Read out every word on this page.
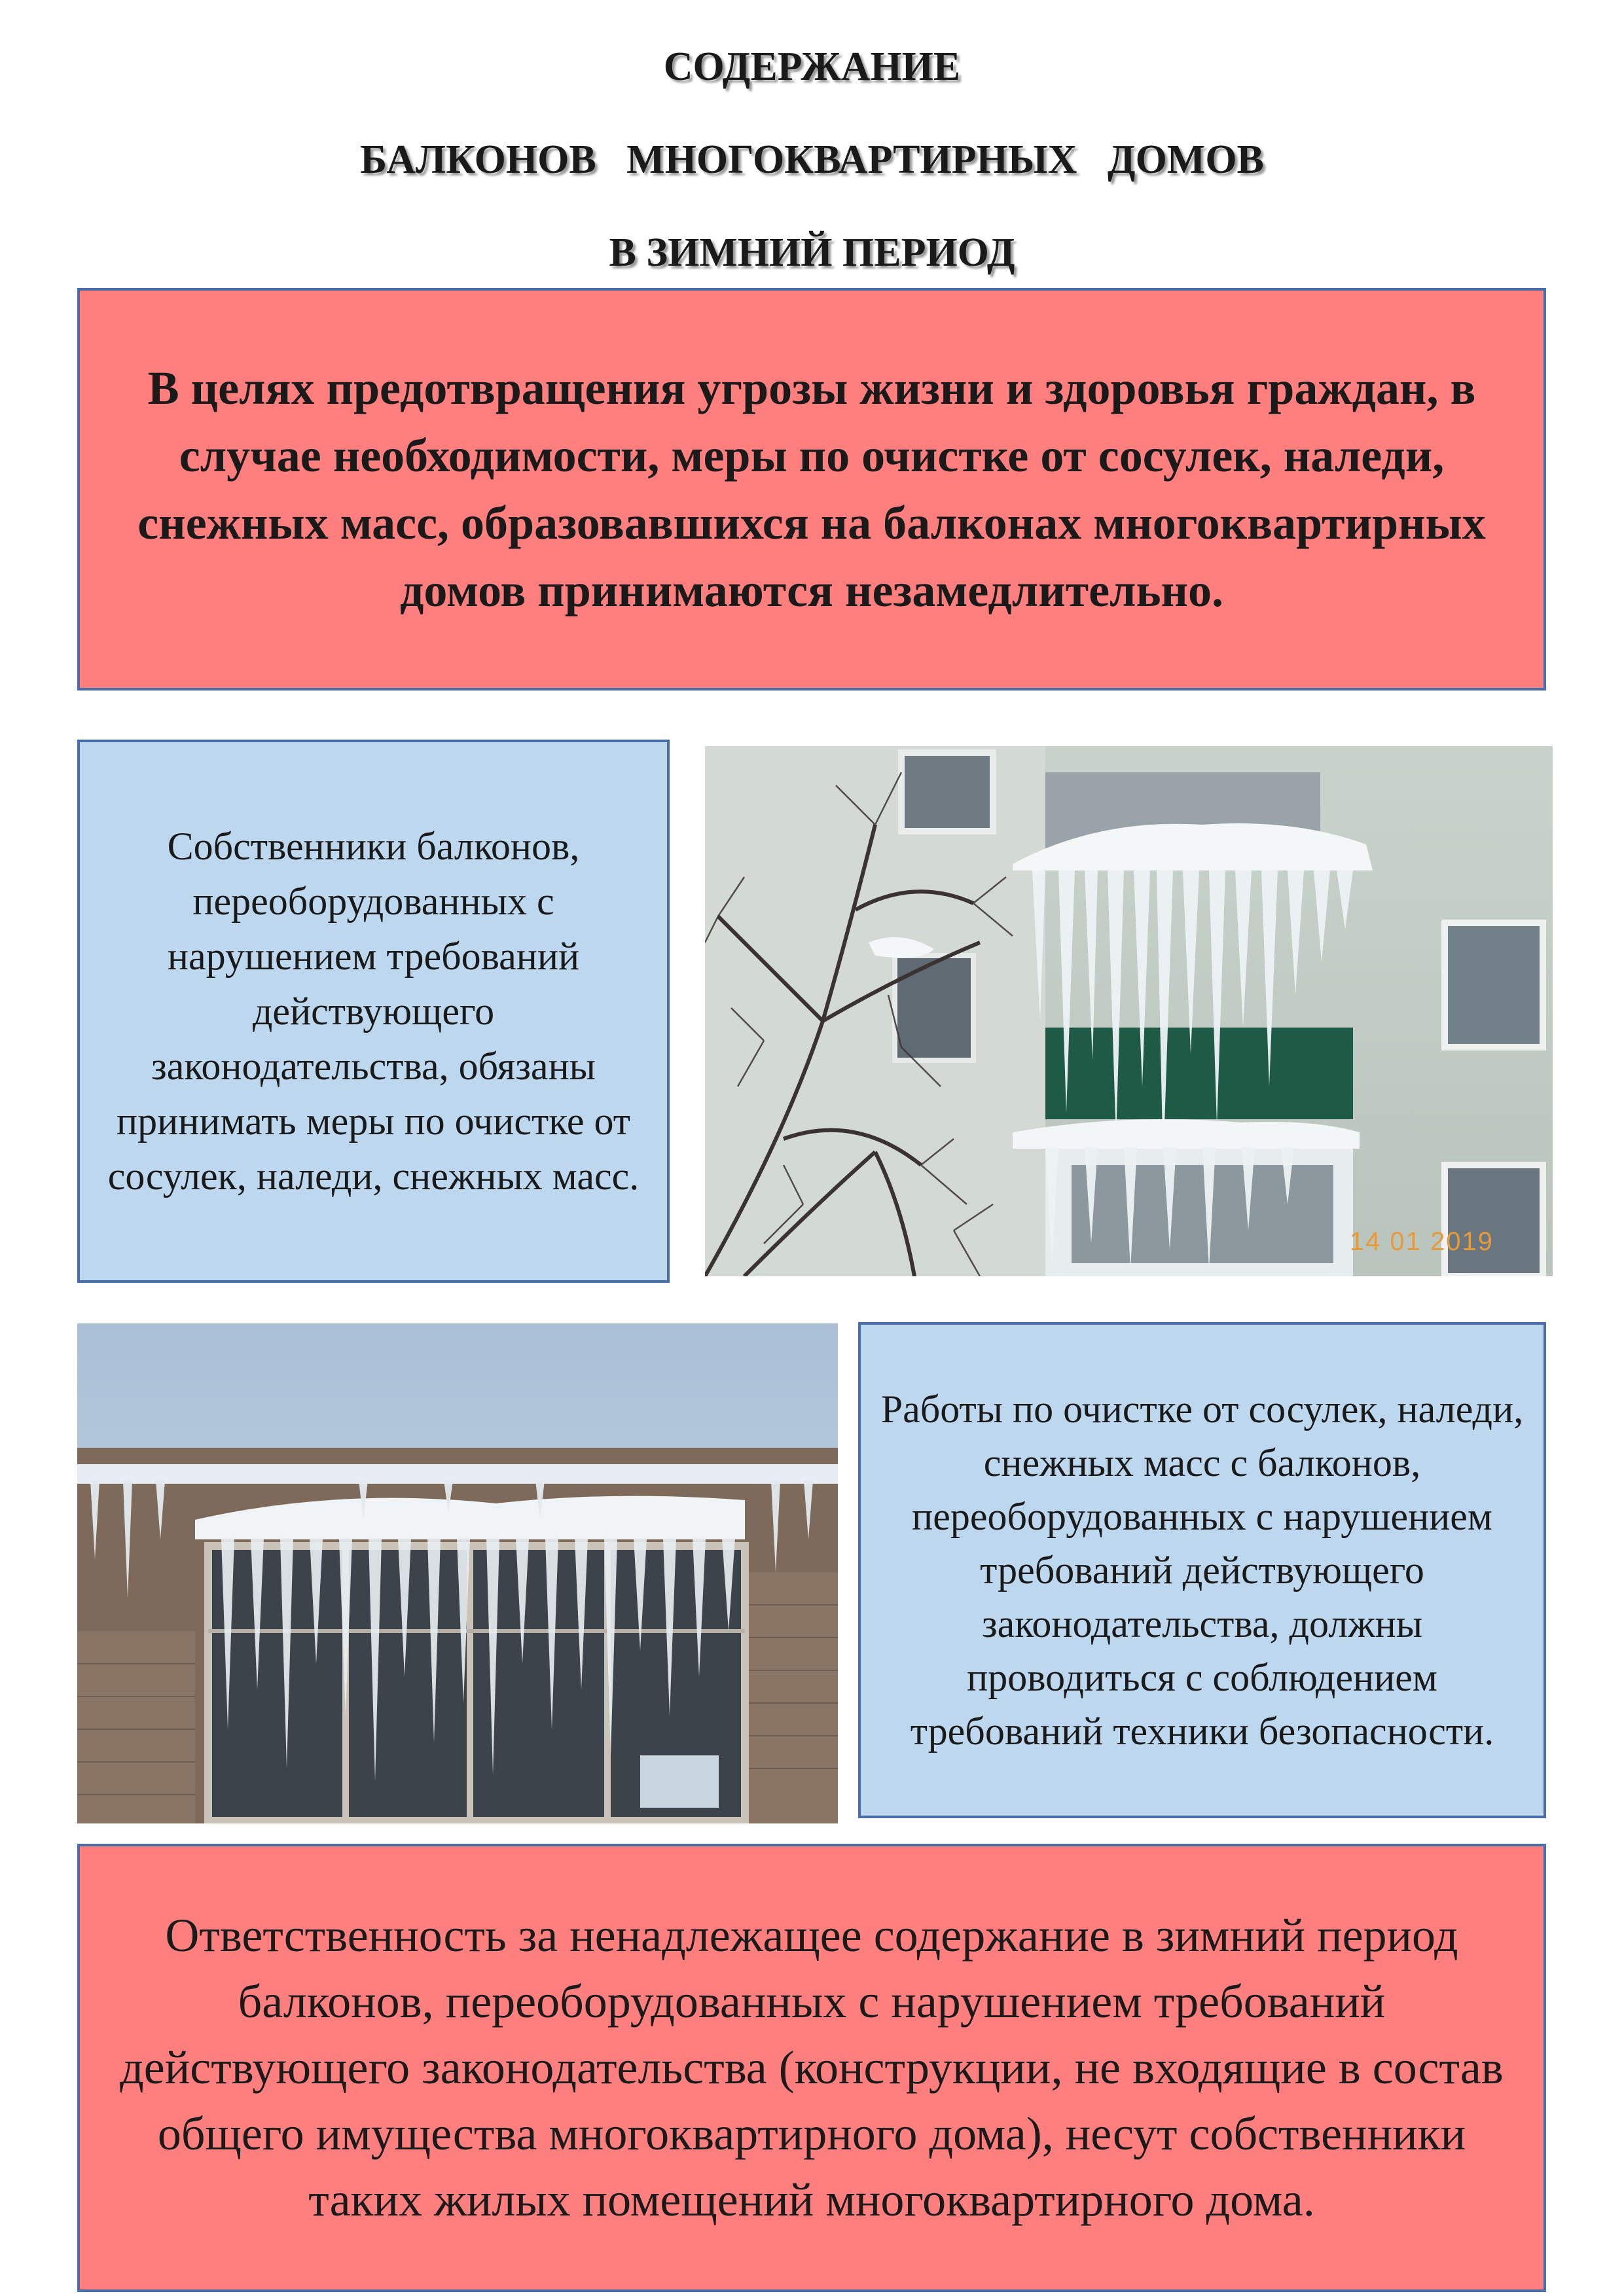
СОДЕРЖАНИЕ
БАЛКОНОВ   МНОГОКВАРТИРНЫХ   ДОМОВ
В ЗИМНИЙ ПЕРИОД

В целях предотвращения угрозы жизни и здоровья граждан, в случае необходимости, меры по очистке от сосулек, наледи, снежных масс, образовавшихся на балконах многоквартирных домов принимаются незамедлительно.

Собственники балконов, переоборудованных с нарушением требований действующего законодательства, обязаны принимать меры по очистке от сосулек, наледи, снежных масс.

14 01 2019

Работы по очистке от сосулек, наледи, снежных масс с балконов, переоборудованных с нарушением требований действующего законодательства, должны проводиться с соблюдением требований техники безопасности.

Ответственность за ненадлежащее содержание в зимний период балконов, переоборудованных с нарушением требований действующего законодательства (конструкции, не входящие в состав общего имущества многоквартирного дома), несут собственники таких жилых помещений многоквартирного дома.
